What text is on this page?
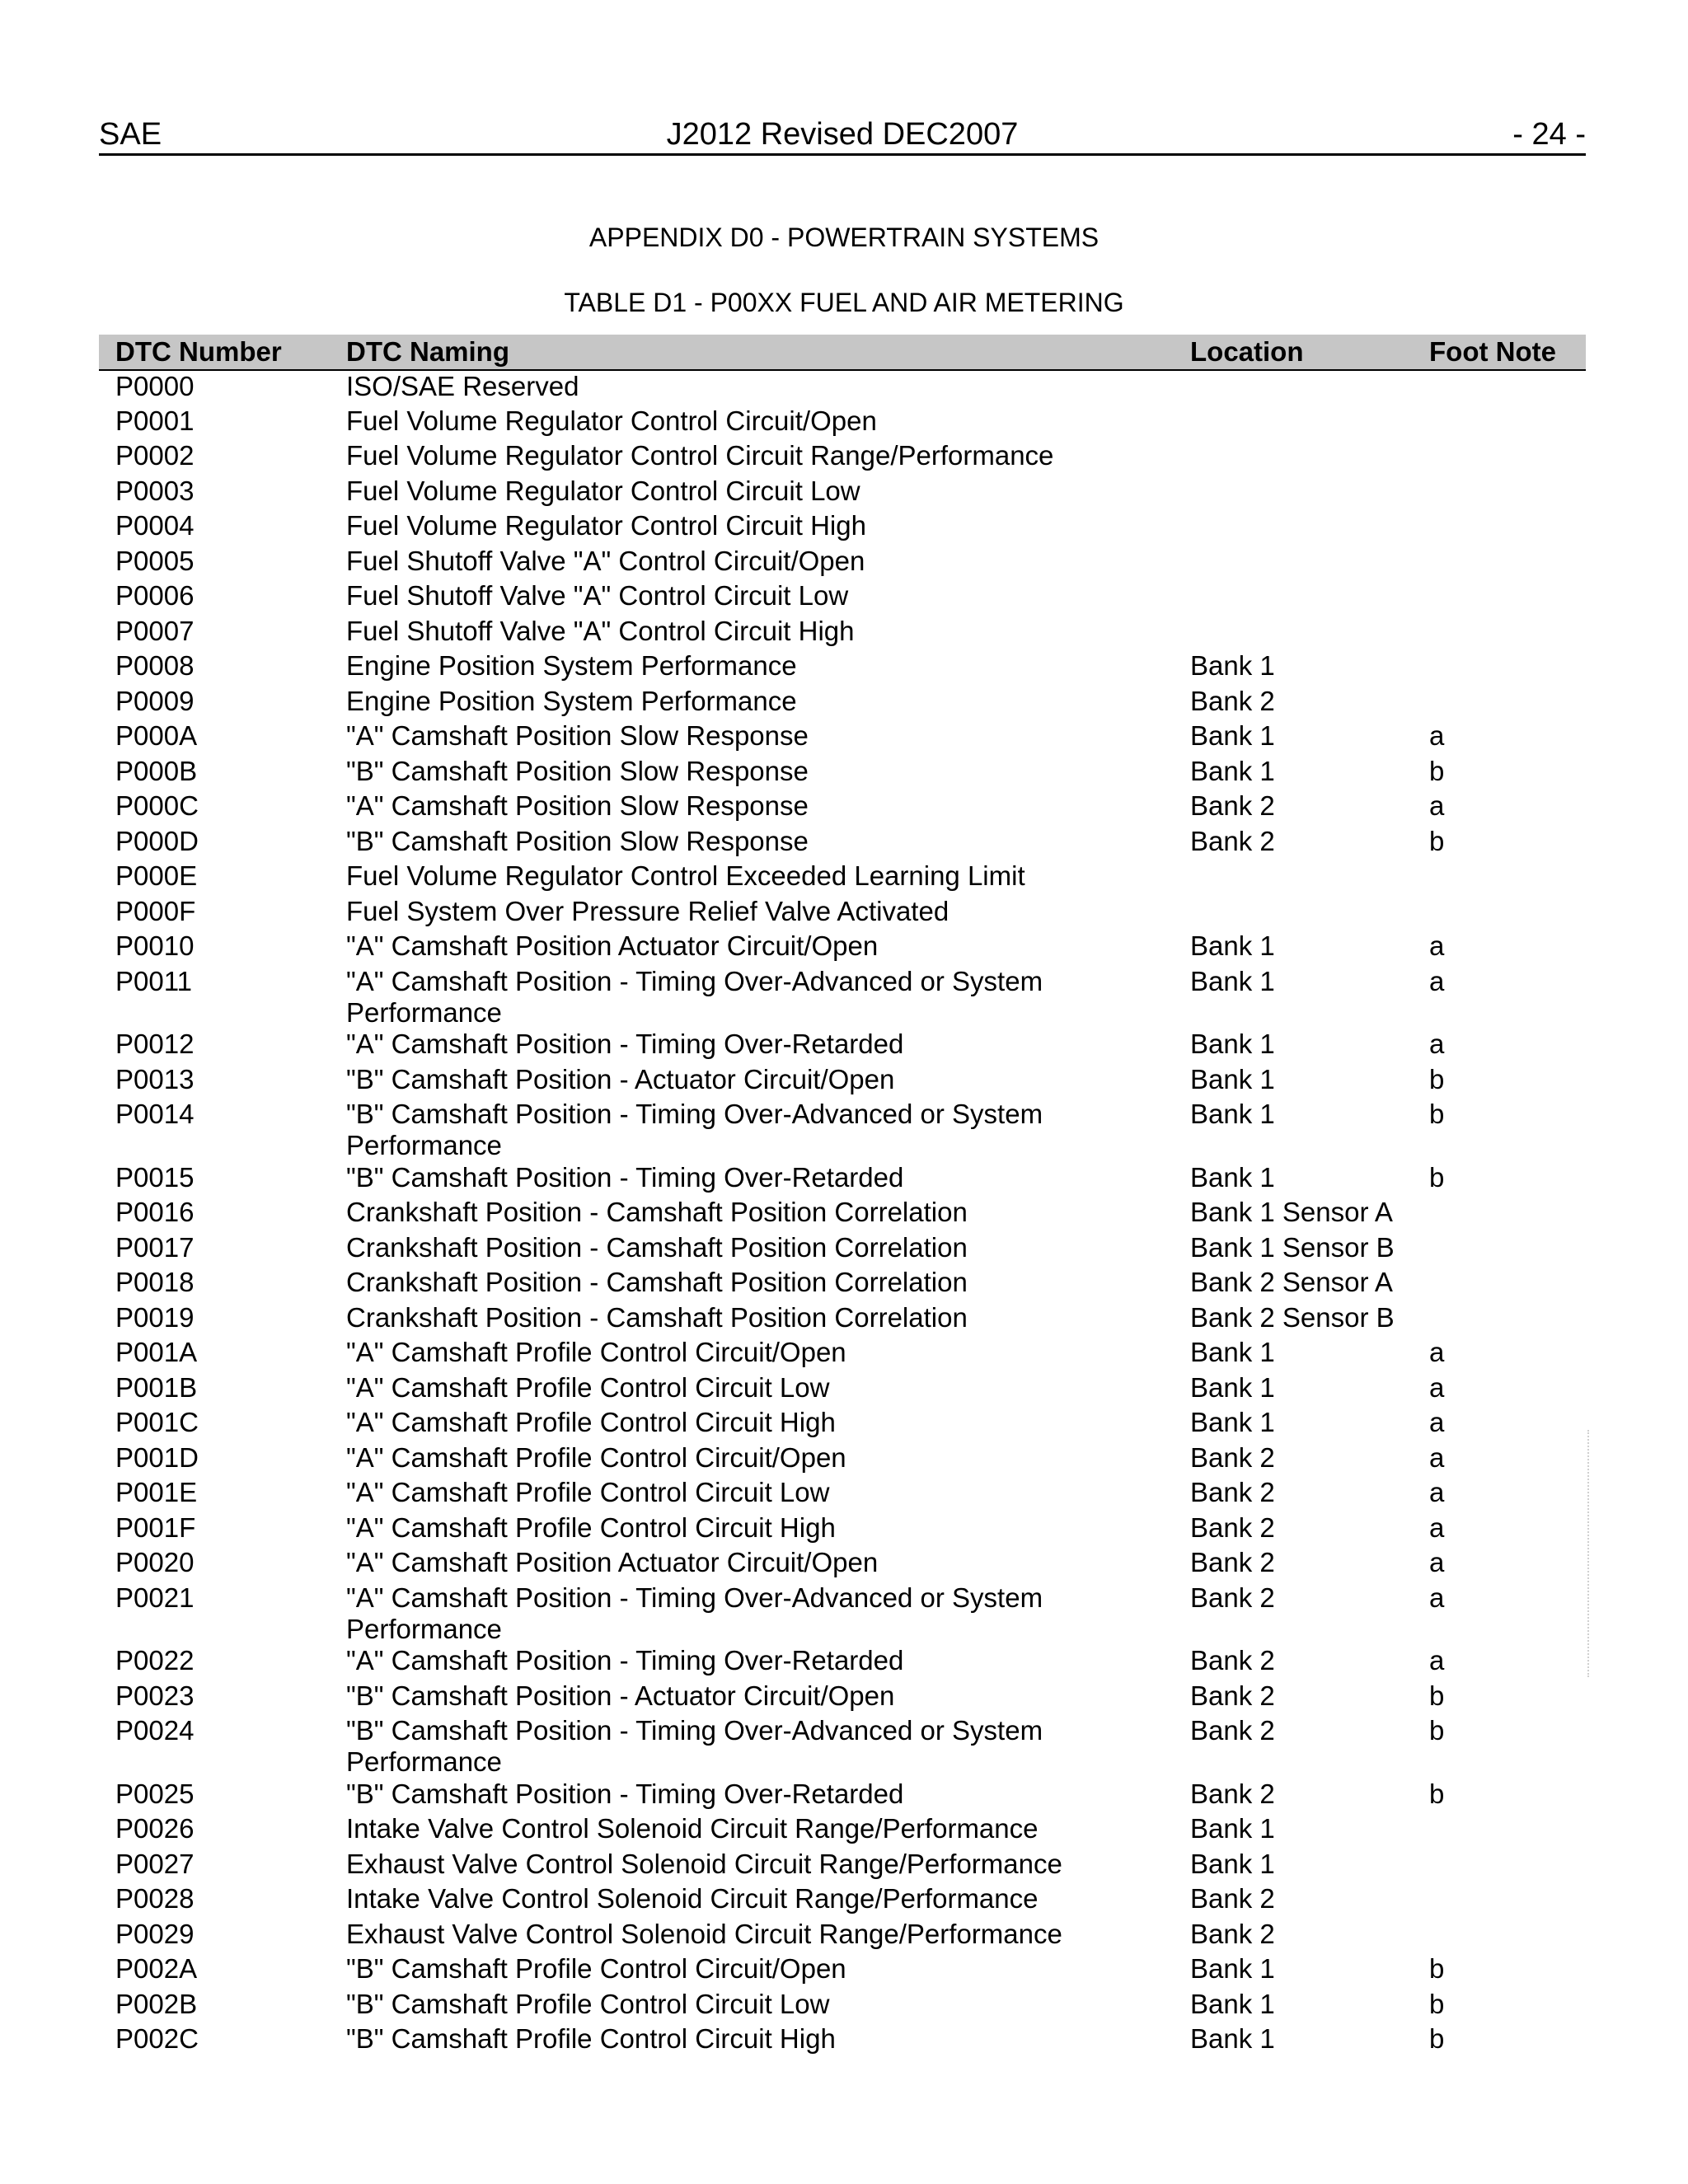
SAE	J2012 Revised DEC2007	- 24 -
APPENDIX D0 - POWERTRAIN SYSTEMS
TABLE D1 - P00XX FUEL AND AIR METERING
DTC Number	DTC Naming	Location	Foot Note
P0000	ISO/SAE Reserved		

P0001	Fuel Volume Regulator Control Circuit/Open		

P0002	Fuel Volume Regulator Control Circuit Range/Performance		

P0003	Fuel Volume Regulator Control Circuit Low		

P0004	Fuel Volume Regulator Control Circuit High		

P0005	Fuel Shutoff Valve "A" Control Circuit/Open		

P0006	Fuel Shutoff Valve "A" Control Circuit Low		

P0007	Fuel Shutoff Valve "A" Control Circuit High		

P0008	Engine Position System Performance	Bank 1	
P0009	Engine Position System Performance	Bank 2	
P000A	"A" Camshaft Position Slow Response	Bank 1	a
P000B	"B" Camshaft Position Slow Response	Bank 1	b
P000C	"A" Camshaft Position Slow Response	Bank 2	a
P000D	"B" Camshaft Position Slow Response	Bank 2	b
P000E	Fuel Volume Regulator Control Exceeded Learning Limit		

P000F	Fuel System Over Pressure Relief Valve Activated		

P0010	"A" Camshaft Position Actuator Circuit/Open	Bank 1	a
P0011	"A" Camshaft Position - Timing Over-Advanced or System
Performance	Bank 1	a
P0012	"A" Camshaft Position - Timing Over-Retarded	Bank 1	a
P0013	"B" Camshaft Position - Actuator Circuit/Open	Bank 1	b
P0014	"B" Camshaft Position - Timing Over-Advanced or System
Performance	Bank 1	b
P0015	"B" Camshaft Position - Timing Over-Retarded	Bank 1	b
P0016	Crankshaft Position - Camshaft Position Correlation	Bank 1 Sensor A	
P0017	Crankshaft Position - Camshaft Position Correlation	Bank 1 Sensor B	
P0018	Crankshaft Position - Camshaft Position Correlation	Bank 2 Sensor A	
P0019	Crankshaft Position - Camshaft Position Correlation	Bank 2 Sensor B	
P001A	"A" Camshaft Profile Control Circuit/Open	Bank 1	a
P001B	"A" Camshaft Profile Control Circuit Low	Bank 1	a
P001C	"A" Camshaft Profile Control Circuit High	Bank 1	a
P001D	"A" Camshaft Profile Control Circuit/Open	Bank 2	a
P001E	"A" Camshaft Profile Control Circuit Low	Bank 2	a
P001F	"A" Camshaft Profile Control Circuit High	Bank 2	a
P0020	"A" Camshaft Position Actuator Circuit/Open	Bank 2	a
P0021	"A" Camshaft Position - Timing Over-Advanced or System
Performance	Bank 2	a
P0022	"A" Camshaft Position - Timing Over-Retarded	Bank 2	a
P0023	"B" Camshaft Position - Actuator Circuit/Open	Bank 2	b
P0024	"B" Camshaft Position - Timing Over-Advanced or System
Performance	Bank 2	b
P0025	"B" Camshaft Position - Timing Over-Retarded	Bank 2	b
P0026	Intake Valve Control Solenoid Circuit Range/Performance	Bank 1	
P0027	Exhaust Valve Control Solenoid Circuit Range/Performance	Bank 1	
P0028	Intake Valve Control Solenoid Circuit Range/Performance	Bank 2	
P0029	Exhaust Valve Control Solenoid Circuit Range/Performance	Bank 2	
P002A	"B" Camshaft Profile Control Circuit/Open	Bank 1	b
P002B	"B" Camshaft Profile Control Circuit Low	Bank 1	b
P002C	"B" Camshaft Profile Control Circuit High	Bank 1	b
